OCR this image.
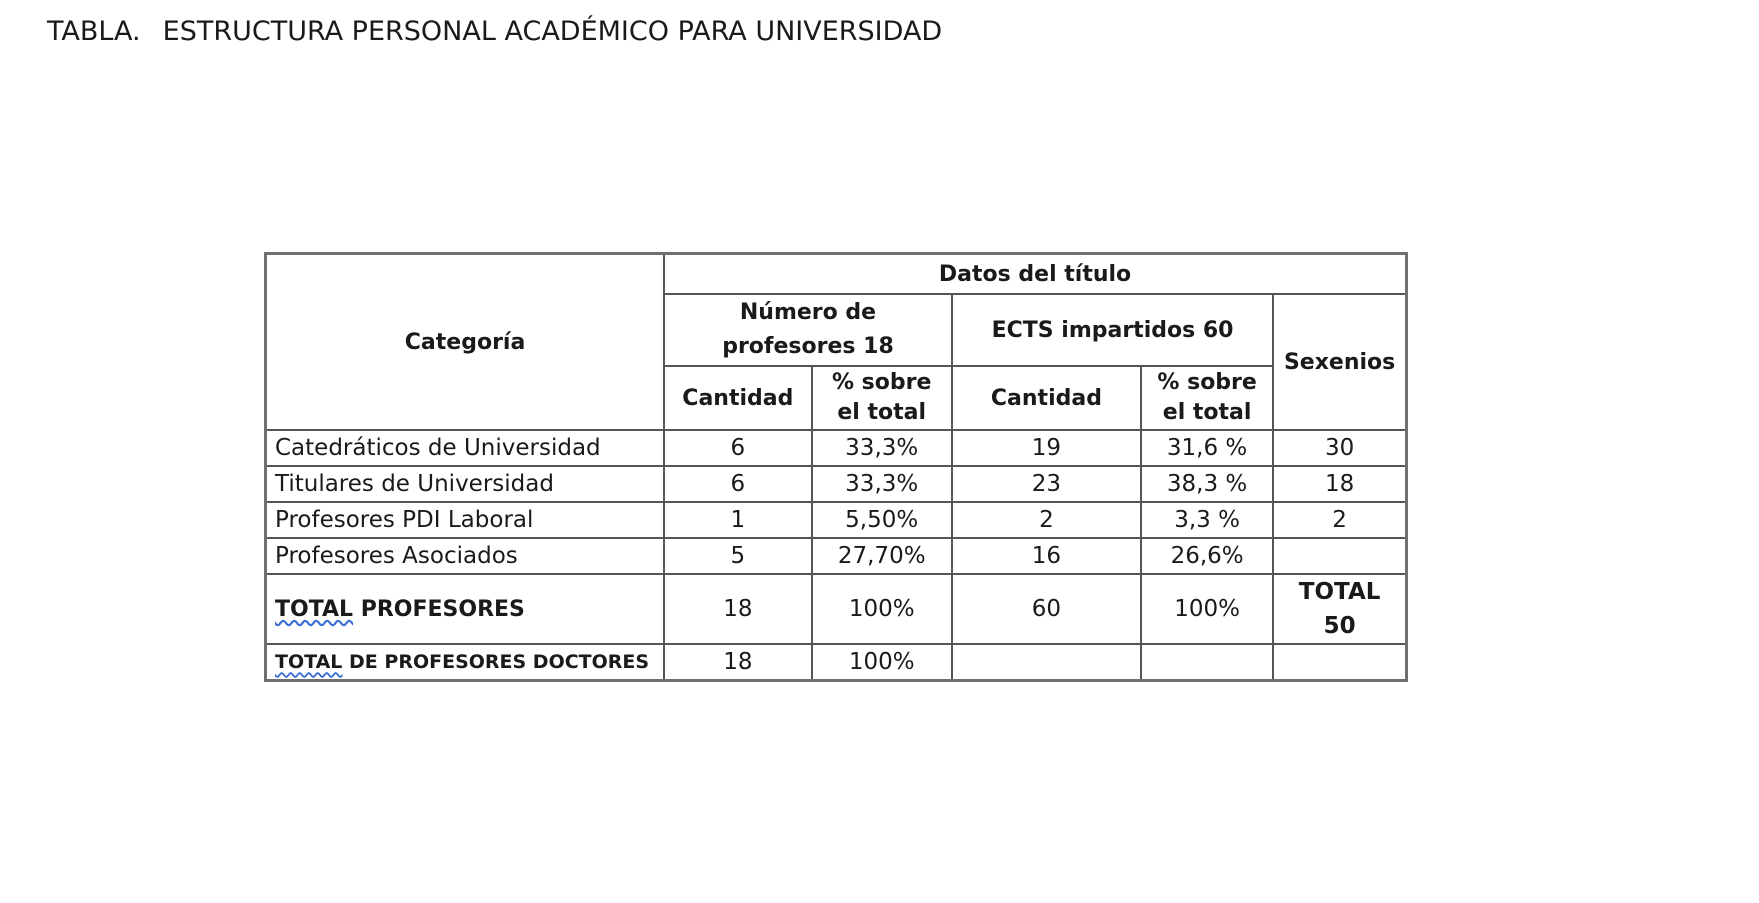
TABLA. ESTRUCTURA PERSONAL ACADÉMICO PARA UNIVERSIDAD
Categoría	Datos del título				
	Número de profesores 18		ECTS impartidos 60		Sexenios
	Cantidad	% sobre el total	Cantidad	% sobre el total	
Catedráticos de Universidad	6	33,3%	19	31,6 %	30
Titulares de Universidad	6	33,3%	23	38,3 %	18
Profesores PDI Laboral	1	5,50%	2	3,3 %	2
Profesores Asociados	5	27,70%	16	26,6%	
TOTAL PROFESORES	18	100%	60	100%	TOTAL
50
TOTAL DE PROFESORES DOCTORES	18	100%			
